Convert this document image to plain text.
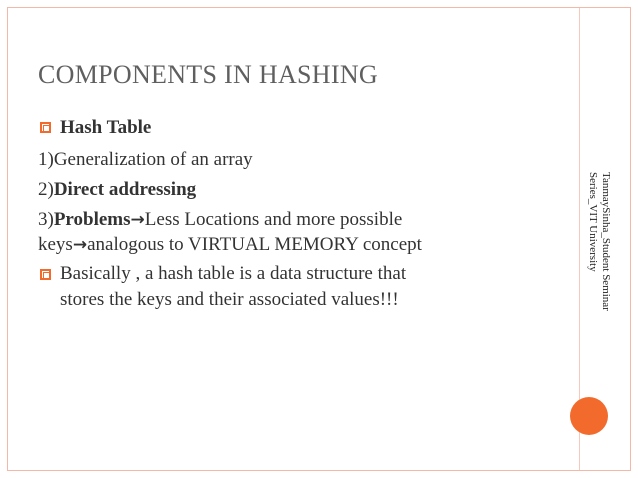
COMPONENTS IN HASHING
Hash Table
1)Generalization of an array
2)Direct addressing
3)Problems→Less Locations and more possible
keys→analogous to VIRTUAL MEMORY concept
Basically , a hash table is a data structure that
stores the keys and their associated values!!!	TanmaySinha_Student Seminar
Series_VIT University
